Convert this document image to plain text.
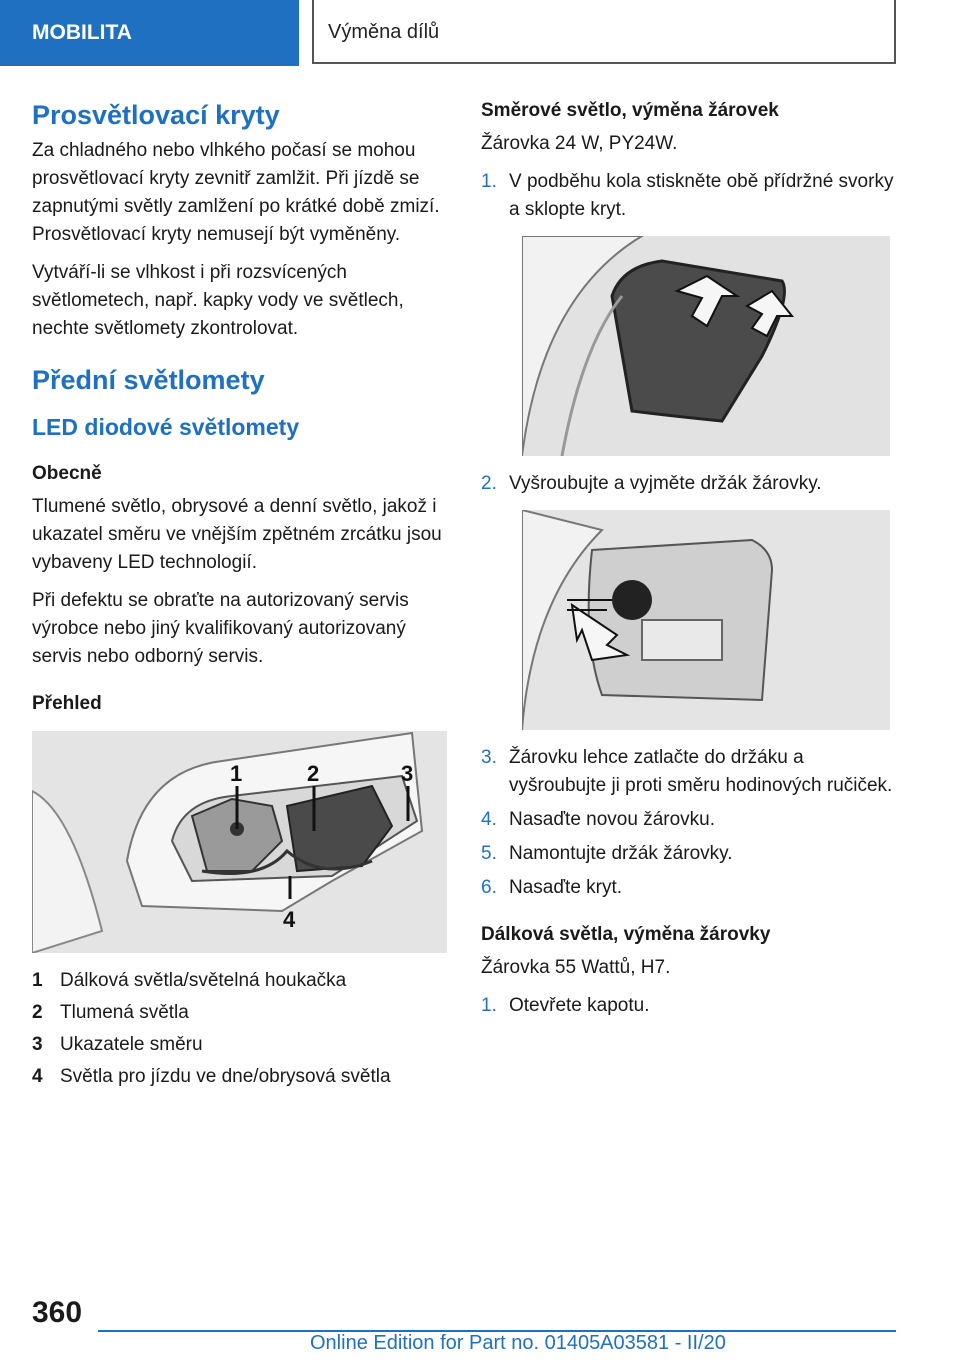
MOBILITA	Výměna dílů
Prosvětlovací kryty

Za chladného nebo vlhkého počasí se mohou prosvětlovací kryty zevnitř zamlžit. Při jízdě se zapnutými světly zamlžení po krátké době zmizí. Prosvětlovací kryty nemusejí být vyměněny.

Vytváří-li se vlhkost i při rozsvícených světlometech, např. kapky vody ve světlech, nechte světlomety zkontrolovat.

Přední světlomety
LED diodové světlomety
Obecně

Tlumené světlo, obrysové a denní světlo, jakož i ukazatel směru ve vnějším zpětném zrcátku jsou vybaveny LED technologií.

Při defektu se obraťte na autorizovaný servis výrobce nebo jiný kvalifikovaný autorizovaný servis nebo odborný servis.

Přehled
1	2	3
4
1 Dálková světla/světelná houkačka
2 Tlumená světla
3 Ukazatele směru
4 Světla pro jízdu ve dne/obrysová světla
Směrové světlo, výměna žárovek

Žárovka 24 W, PY24W.

1. V podběhu kola stiskněte obě přídržné svorky a sklopte kryt.
2. Vyšroubujte a vyjměte držák žárovky.
3. Žárovku lehce zatlačte do držáku a vyšroubujte ji proti směru hodinových ručiček.
4. Nasaďte novou žárovku.
5. Namontujte držák žárovky.
6. Nasaďte kryt.
Dálková světla, výměna žárovky

Žárovka 55 Wattů, H7.

1. Otevřete kapotu.
360
Online Edition for Part no. 01405A03581 - II/20
